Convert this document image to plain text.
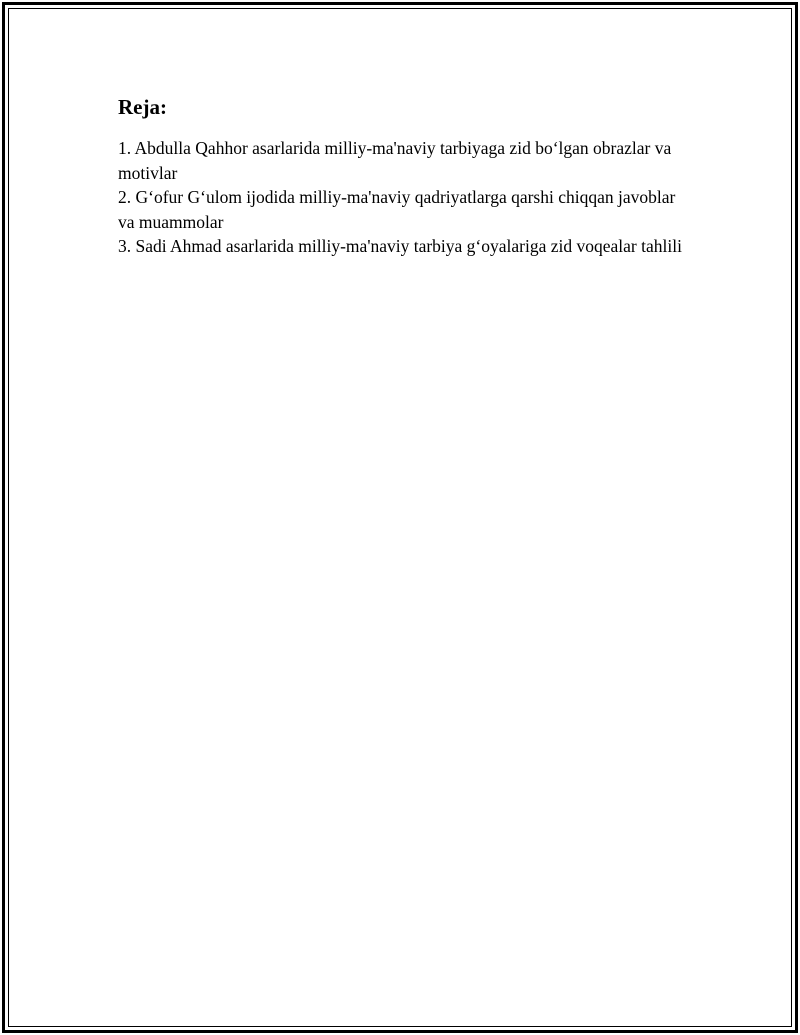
Reja:
1. Abdulla Qahhor asarlarida milliy-ma'naviy tarbiyaga zid bo‘lgan obrazlar va motivlar
2. G‘ofur G‘ulom ijodida milliy-ma'naviy qadriyatlarga qarshi chiqqan javoblar va muammolar
3. Sadi Ahmad asarlarida milliy-ma'naviy tarbiya g‘oyalariga zid voqealar tahlili
